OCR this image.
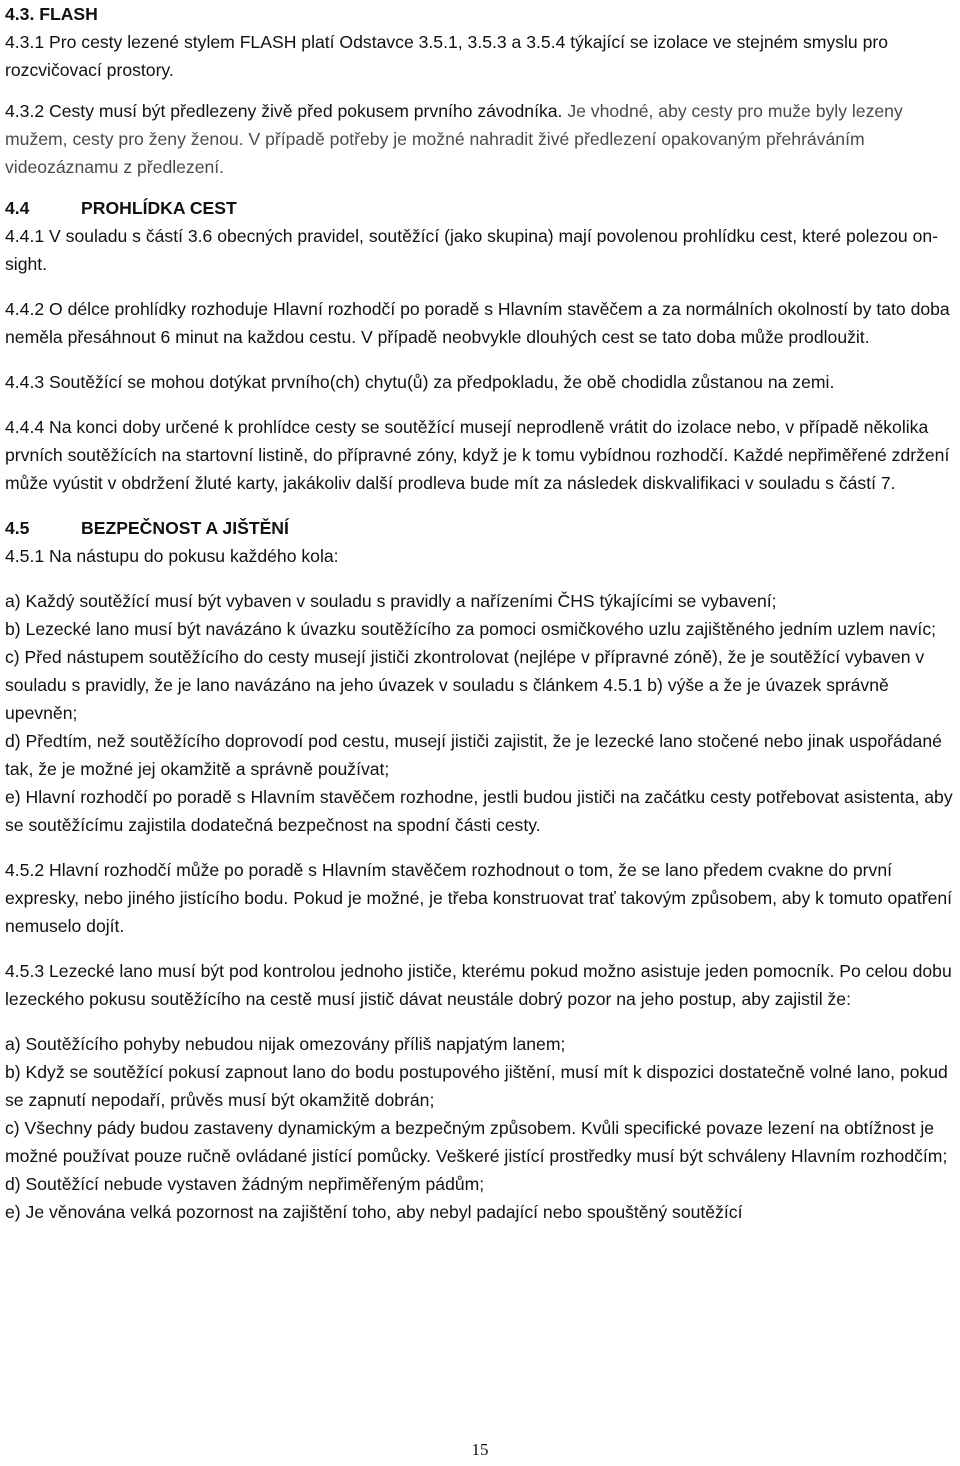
4.3. FLASH

4.3.1 Pro cesty lezené stylem FLASH platí Odstavce 3.5.1, 3.5.3 a 3.5.4 týkající se izolace ve stejném smyslu pro rozcvičovací prostory.

4.3.2 Cesty musí být předlezeny živě před pokusem prvního závodníka. Je vhodné, aby cesty pro muže byly lezeny mužem, cesty pro ženy ženou. V případě potřeby je možné nahradit živé předlezení opakovaným přehráváním videozáznamu z předlezení.

4.4	PROHLÍDKA CEST

4.4.1 V souladu s částí 3.6 obecných pravidel, soutěžící (jako skupina) mají povolenou prohlídku cest, které polezou on-sight.

4.4.2 O délce prohlídky rozhoduje Hlavní rozhodčí po poradě s Hlavním stavěčem a za normálních okolností by tato doba neměla přesáhnout 6 minut na každou cestu. V případě neobvykle dlouhých cest se tato doba může prodloužit.

4.4.3 Soutěžící se mohou dotýkat prvního(ch) chytu(ů) za předpokladu, že obě chodidla zůstanou na zemi.

4.4.4 Na konci doby určené k prohlídce cesty se soutěžící musejí neprodleně vrátit do izolace nebo, v případě několika prvních soutěžících na startovní listině, do přípravné zóny, když je k tomu vybídnou rozhodčí. Každé nepřiměřené zdržení může vyústit v obdržení žluté karty, jakákoliv další prodleva bude mít za následek diskvalifikaci v souladu s částí 7.

4.5	BEZPEČNOST A JIŠTĚNÍ

4.5.1 Na nástupu do pokusu každého kola:

a) Každý soutěžící musí být vybaven v souladu s pravidly a nařízeními ČHS týkajícími se vybavení;

b) Lezecké lano musí být navázáno k úvazku soutěžícího za pomoci osmičkového uzlu zajištěného jedním uzlem navíc;

c) Před nástupem soutěžícího do cesty musejí jističi zkontrolovat (nejlépe v přípravné zóně), že je soutěžící vybaven v souladu s pravidly, že je lano navázáno na jeho úvazek v souladu s článkem 4.5.1 b) výše a že je úvazek správně upevněn;

d) Předtím, než soutěžícího doprovodí pod cestu, musejí jističi zajistit, že je lezecké lano stočené nebo jinak uspořádané tak, že je možné jej okamžitě a správně používat;

e) Hlavní rozhodčí po poradě s Hlavním stavěčem rozhodne, jestli budou jističi na začátku cesty potřebovat asistenta, aby se soutěžícímu zajistila dodatečná bezpečnost na spodní části cesty.

4.5.2 Hlavní rozhodčí může po poradě s Hlavním stavěčem rozhodnout o tom, že se lano předem cvakne do první expresky, nebo jiného jistícího bodu. Pokud je možné, je třeba konstruovat trať takovým způsobem, aby k tomuto opatření nemuselo dojít.

4.5.3 Lezecké lano musí být pod kontrolou jednoho jističe, kterému pokud možno asistuje jeden pomocník. Po celou dobu lezeckého pokusu soutěžícího na cestě musí jistič dávat neustále dobrý pozor na jeho postup, aby zajistil že:

a) Soutěžícího pohyby nebudou nijak omezovány příliš napjatým lanem;

b) Když se soutěžící pokusí zapnout lano do bodu postupového jištění, musí mít k dispozici dostatečně volné lano, pokud se zapnutí nepodaří, průvěs musí být okamžitě dobrán;

c) Všechny pády budou zastaveny dynamickým a bezpečným způsobem. Kvůli specifické povaze lezení na obtížnost je možné používat pouze ručně ovládané jistící pomůcky. Veškeré jistící prostředky musí být schváleny Hlavním rozhodčím;

d) Soutěžící nebude vystaven žádným nepřiměřeným pádům;

e) Je věnována velká pozornost na zajištění toho, aby nebyl padající nebo spouštěný soutěžící

15
